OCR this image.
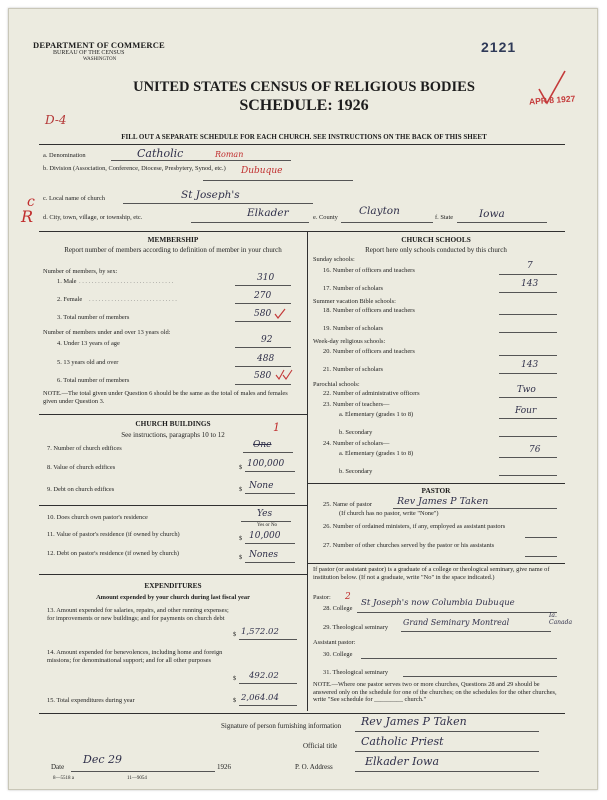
DEPARTMENT OF COMMERCE
BUREAU OF THE CENSUS
WASHINGTON
2121
UNITED STATES CENSUS OF RELIGIOUS BODIES
SCHEDULE: 1926	APR 8 1927
D-4
FILL OUT A SEPARATE SCHEDULE FOR EACH CHURCH. SEE INSTRUCTIONS ON THE BACK OF THIS SHEET
a. Denomination	Catholic	Roman
b. Division (Association, Conference, Diocese, Presbytery, Synod, etc.)	Dubuque
c c. Local name of church	St Joseph's
R d. City, town, village, or township, etc.	Elkader	e. County
Clayton
f. State Iowa
MEMBERSHIP
Report number of members according to definition of member in your church
Number of members, by sex:
1. Male . . . . . . . . . . . . . . . . . . . . . . . . . . . . . .	310
2. Female . . . . . . . . . . . . . . . . . . . . . . . . . . . .	270
3. Total number of members	580
Number of members under and over 13 years old:
4. Under 13 years of age	92
5. 13 years old and over	488
6. Total number of members	580
NOTE.—The total given under Question 6 should be the same as the total of males and females given under Question 3.
CHURCH BUILDINGS
See instructions, paragraphs 10 to 12
1
7. Number of church edifices	One
8. Value of church edifices	$ 100,000
9. Debt on church edifices	$ None
10. Does church own pastor's residence	Yes
Yes or No
11. Value of pastor's residence (if owned by church)
$ 10,000
12. Debt on pastor's residence (if owned by church)
$ Nones
EXPENDITURES
Amount expended by your church during last fiscal year
13. Amount expended for salaries, repairs, and other running expenses; for improvements or new buildings; and for payments on church debt
$ 1,572.02
14. Amount expended for benevolences, including home and foreign missions; for denominational support; and for all other purposes
$ 492.02
15. Total expenditures during year	$ 2,064.04
CHURCH SCHOOLS
Report here only schools conducted by this church
Sunday schools:
16. Number of officers and teachers	7
17. Number of scholars	143
Summer vacation Bible schools:
18. Number of officers and teachers
19. Number of scholars
Week-day religious schools:
20. Number of officers and teachers
21. Number of scholars	143
Parochial schools:
22. Number of administrative officers	Two
23. Number of teachers—
a. Elementary (grades 1 to 8)	Four
b. Secondary
24. Number of scholars—
a. Elementary (grades 1 to 8)	76
b. Secondary
PASTOR
25. Name of pastor	Rev James P Taken
(If church has no pastor, write "None")
26. Number of ordained ministers, if any, employed as assistant pastors
27. Number of other churches served by the pastor or his assistants
If pastor (or assistant pastor) is a graduate of a college or theological seminary, give name of institution below. (If not a graduate, write "No" in the space indicated.)
Pastor: 2
28. College
St Joseph's now Columbia Dubuque
29. Theological seminary
Grand Seminary Montreal
Ia. Canada
Assistant pastor:
30. College
31. Theological seminary
NOTE.—Where one pastor serves two or more churches, Questions 28 and 29 should be answered only on the schedule for one of the churches; on the schedules for the other churches, write "See schedule for _________ church."
Signature of person furnishing information Rev James P Taken
Official title Catholic Priest
Date
Dec 29
1926	P. O. Address	Elkader Iowa
8—5518 a	11—9054
